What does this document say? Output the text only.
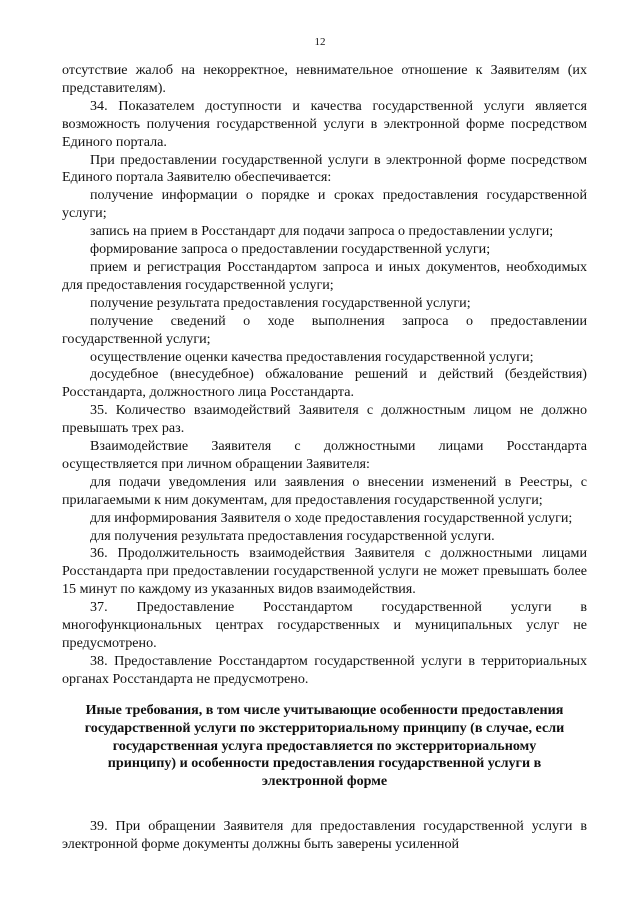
12

отсутствие жалоб на некорректное, невнимательное отношение к Заявителям (их представителям).

34. Показателем доступности и качества государственной услуги является возможность получения государственной услуги в электронной форме посредством Единого портала.

При предоставлении государственной услуги в электронной форме посредством Единого портала Заявителю обеспечивается:

получение информации о порядке и сроках предоставления государственной услуги;

запись на прием в Росстандарт для подачи запроса о предоставлении услуги;

формирование запроса о предоставлении государственной услуги;

прием и регистрация Росстандартом запроса и иных документов, необходимых для предоставления государственной услуги;

получение результата предоставления государственной услуги;

получение сведений о ходе выполнения запроса о предоставлении государственной услуги;

осуществление оценки качества предоставления государственной услуги;

досудебное (внесудебное) обжалование решений и действий (бездействия) Росстандарта, должностного лица Росстандарта.

35. Количество взаимодействий Заявителя с должностным лицом не должно превышать трех раз.

Взаимодействие Заявителя с должностными лицами Росстандарта осуществляется при личном обращении Заявителя:

для подачи уведомления или заявления о внесении изменений в Реестры, с прилагаемыми к ним документам, для предоставления государственной услуги;

для информирования Заявителя о ходе предоставления государственной услуги;

для получения результата предоставления государственной услуги.

36. Продолжительность взаимодействия Заявителя с должностными лицами Росстандарта при предоставлении государственной услуги не может превышать более 15 минут по каждому из указанных видов взаимодействия.

37. Предоставление Росстандартом государственной услуги в многофункциональных центрах государственных и муниципальных услуг не предусмотрено.

38. Предоставление Росстандартом государственной услуги в территориальных органах Росстандарта не предусмотрено.

Иные требования, в том числе учитывающие особенности предоставления государственной услуги по экстерриториальному принципу (в случае, если государственная услуга предоставляется по экстерриториальному принципу) и особенности предоставления государственной услуги в электронной форме

39. При обращении Заявителя для предоставления государственной услуги в электронной форме документы должны быть заверены усиленной
